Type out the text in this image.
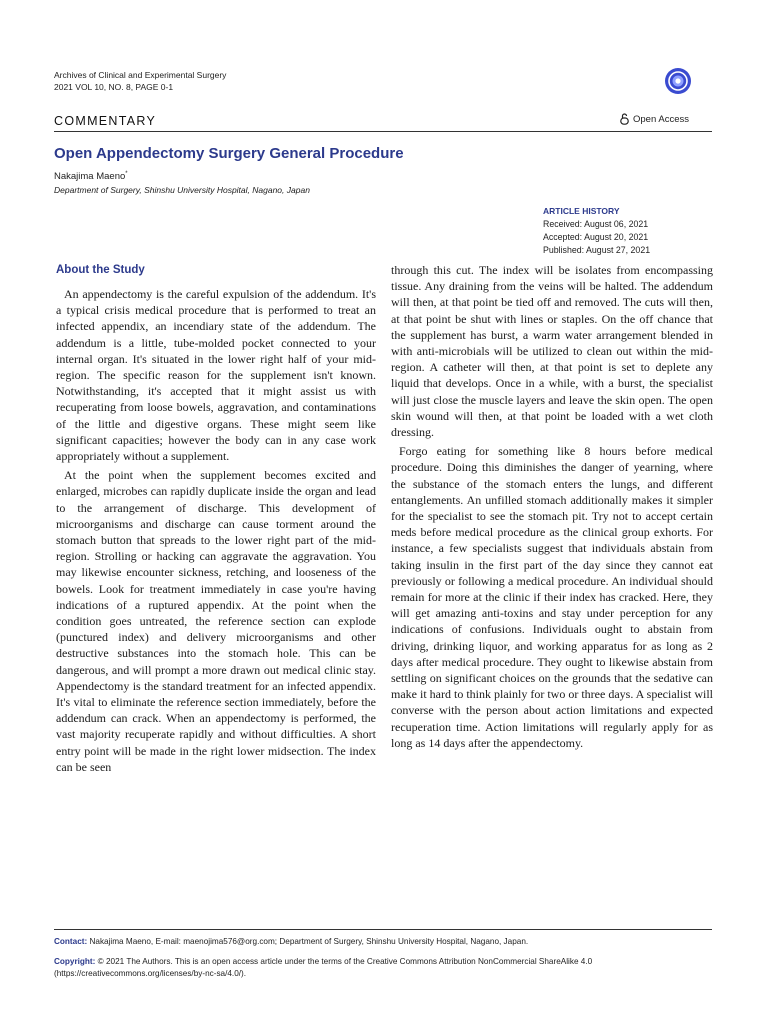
Archives of Clinical and Experimental Surgery
2021 VOL 10, NO. 8, PAGE 0-1
COMMENTARY	Open Access
Open Appendectomy Surgery General Procedure
Nakajima Maeno*
Department of Surgery, Shinshu University Hospital, Nagano, Japan
ARTICLE HISTORY
Received: August 06, 2021
Accepted: August 20, 2021
Published: August 27, 2021
About the Study

An appendectomy is the careful expulsion of the addendum. It's a typical crisis medical procedure that is performed to treat an infected appendix, an incendiary state of the addendum. The addendum is a little, tube-molded pocket connected to your internal organ. It's situated in the lower right half of your mid-region. The specific reason for the supplement isn't known. Notwithstanding, it's accepted that it might assist us with recuperating from loose bowels, aggravation, and contaminations of the little and digestive organs. These might seem like significant capacities; however the body can in any case work appropriately without a supplement.

At the point when the supplement becomes excited and enlarged, microbes can rapidly duplicate inside the organ and lead to the arrangement of discharge. This development of microorganisms and discharge can cause torment around the stomach button that spreads to the lower right part of the mid-region. Strolling or hacking can aggravate the aggravation. You may likewise encounter sickness, retching, and looseness of the bowels. Look for treatment immediately in case you're having indications of a ruptured appendix. At the point when the condition goes untreated, the reference section can explode (punctured index) and delivery microorganisms and other destructive substances into the stomach hole. This can be dangerous, and will prompt a more drawn out medical clinic stay. Appendectomy is the standard treatment for an infected appendix. It's vital to eliminate the reference section immediately, before the addendum can crack. When an appendectomy is performed, the vast majority recuperate rapidly and without difficulties. A short entry point will be made in the right lower midsection. The index can be seen

through this cut. The index will be isolates from encompassing tissue. Any draining from the veins will be halted. The addendum will then, at that point be tied off and removed. The cuts will then, at that point be shut with lines or staples. On the off chance that the supplement has burst, a warm water arrangement blended in with anti-microbials will be utilized to clean out within the mid-region. A catheter will then, at that point is set to deplete any liquid that develops. Once in a while, with a burst, the specialist will just close the muscle layers and leave the skin open. The open skin wound will then, at that point be loaded with a wet cloth dressing.

Forgo eating for something like 8 hours before medical procedure. Doing this diminishes the danger of yearning, where the substance of the stomach enters the lungs, and different entanglements. An unfilled stomach additionally makes it simpler for the specialist to see the stomach pit. Try not to accept certain meds before medical procedure as the clinical group exhorts. For instance, a few specialists suggest that individuals abstain from taking insulin in the first part of the day since they cannot eat previously or following a medical procedure. An individual should remain for more at the clinic if their index has cracked. Here, they will get amazing anti-toxins and stay under perception for any indications of confusions. Individuals ought to abstain from driving, drinking liquor, and working apparatus for as long as 2 days after medical procedure. They ought to likewise abstain from settling on significant choices on the grounds that the sedative can make it hard to think plainly for two or three days. A specialist will converse with the person about action limitations and expected recuperation time. Action limitations will regularly apply for as long as 14 days after the appendectomy.

Contact: Nakajima Maeno, E-mail: maenojima576@org.com; Department of Surgery, Shinshu University Hospital, Nagano, Japan.
Copyright: © 2021 The Authors. This is an open access article under the terms of the Creative Commons Attribution NonCommercial ShareAlike 4.0 (https://creativecommons.org/licenses/by-nc-sa/4.0/).
